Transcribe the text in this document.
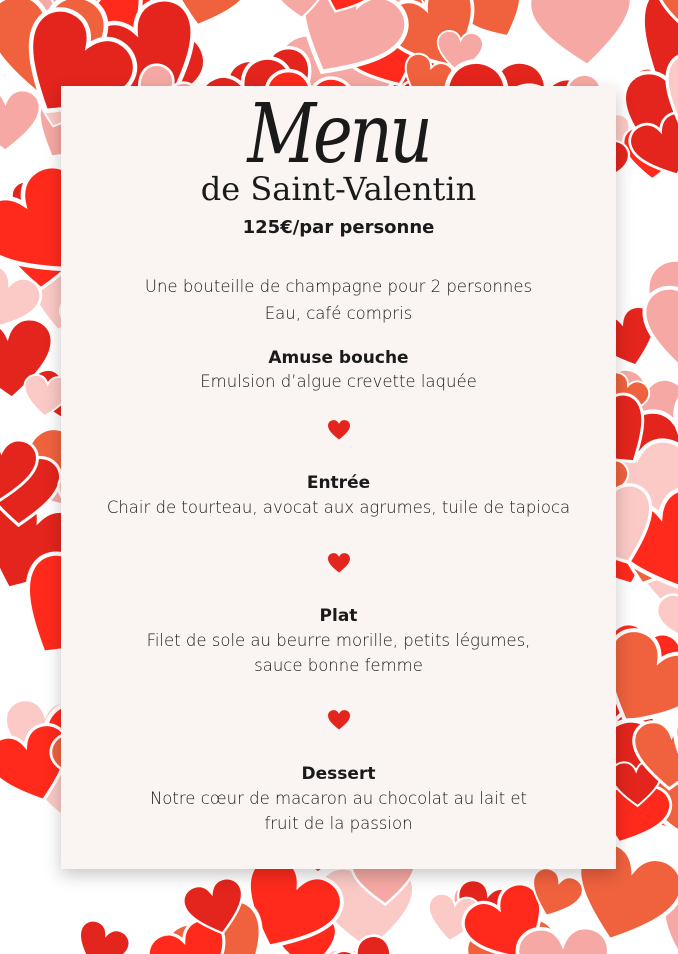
Menu
de Saint-Valentin
125€/par personne
Une bouteille de champagne pour 2 personnes
Eau, café compris
Amuse bouche
Emulsion d’algue crevette laquée
Entrée
Chair de tourteau, avocat aux agrumes, tuile de tapioca
Plat
Filet de sole au beurre morille, petits légumes,
sauce bonne femme
Dessert
Notre cœur de macaron au chocolat au lait et
fruit de la passion
